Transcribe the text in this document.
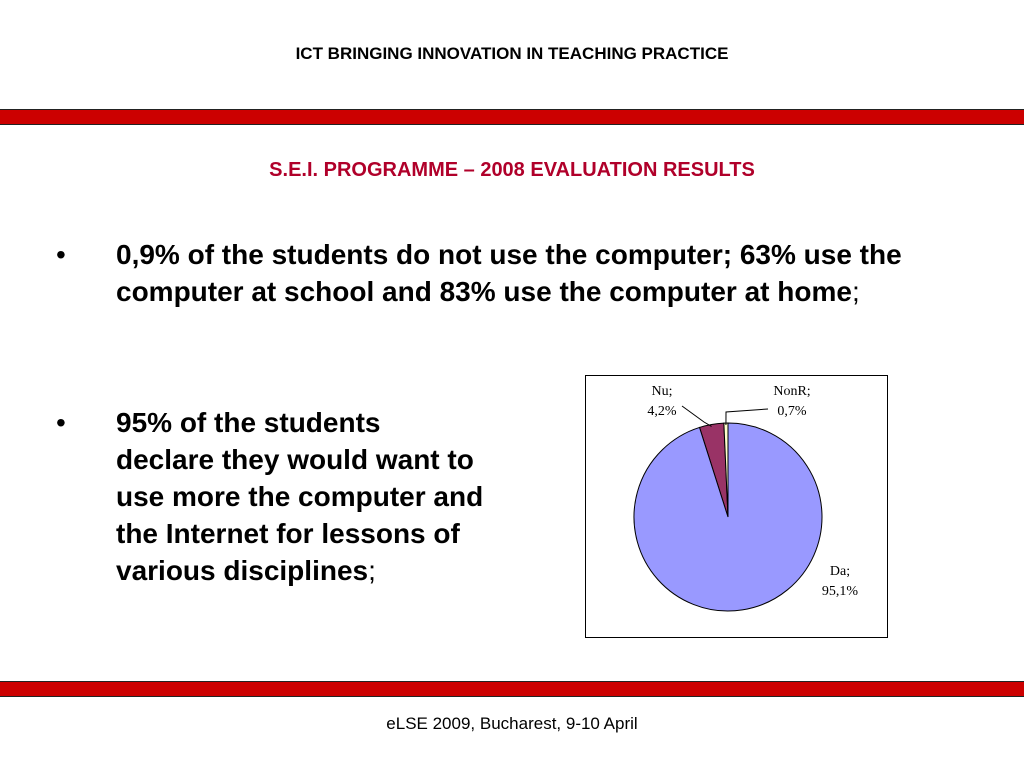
ICT BRINGING INNOVATION IN TEACHING PRACTICE
S.E.I. PROGRAMME – 2008 EVALUATION RESULTS
• 0,9% of the students do not use the computer; 63% use the computer at school and 83% use the computer at home;
• 95% of the students declare they would want to use more the computer and the Internet for lessons of various disciplines;	Da;
95,1%
Nu;
4,2%
NonR;
0,7%
eLSE 2009, Bucharest, 9-10 April
